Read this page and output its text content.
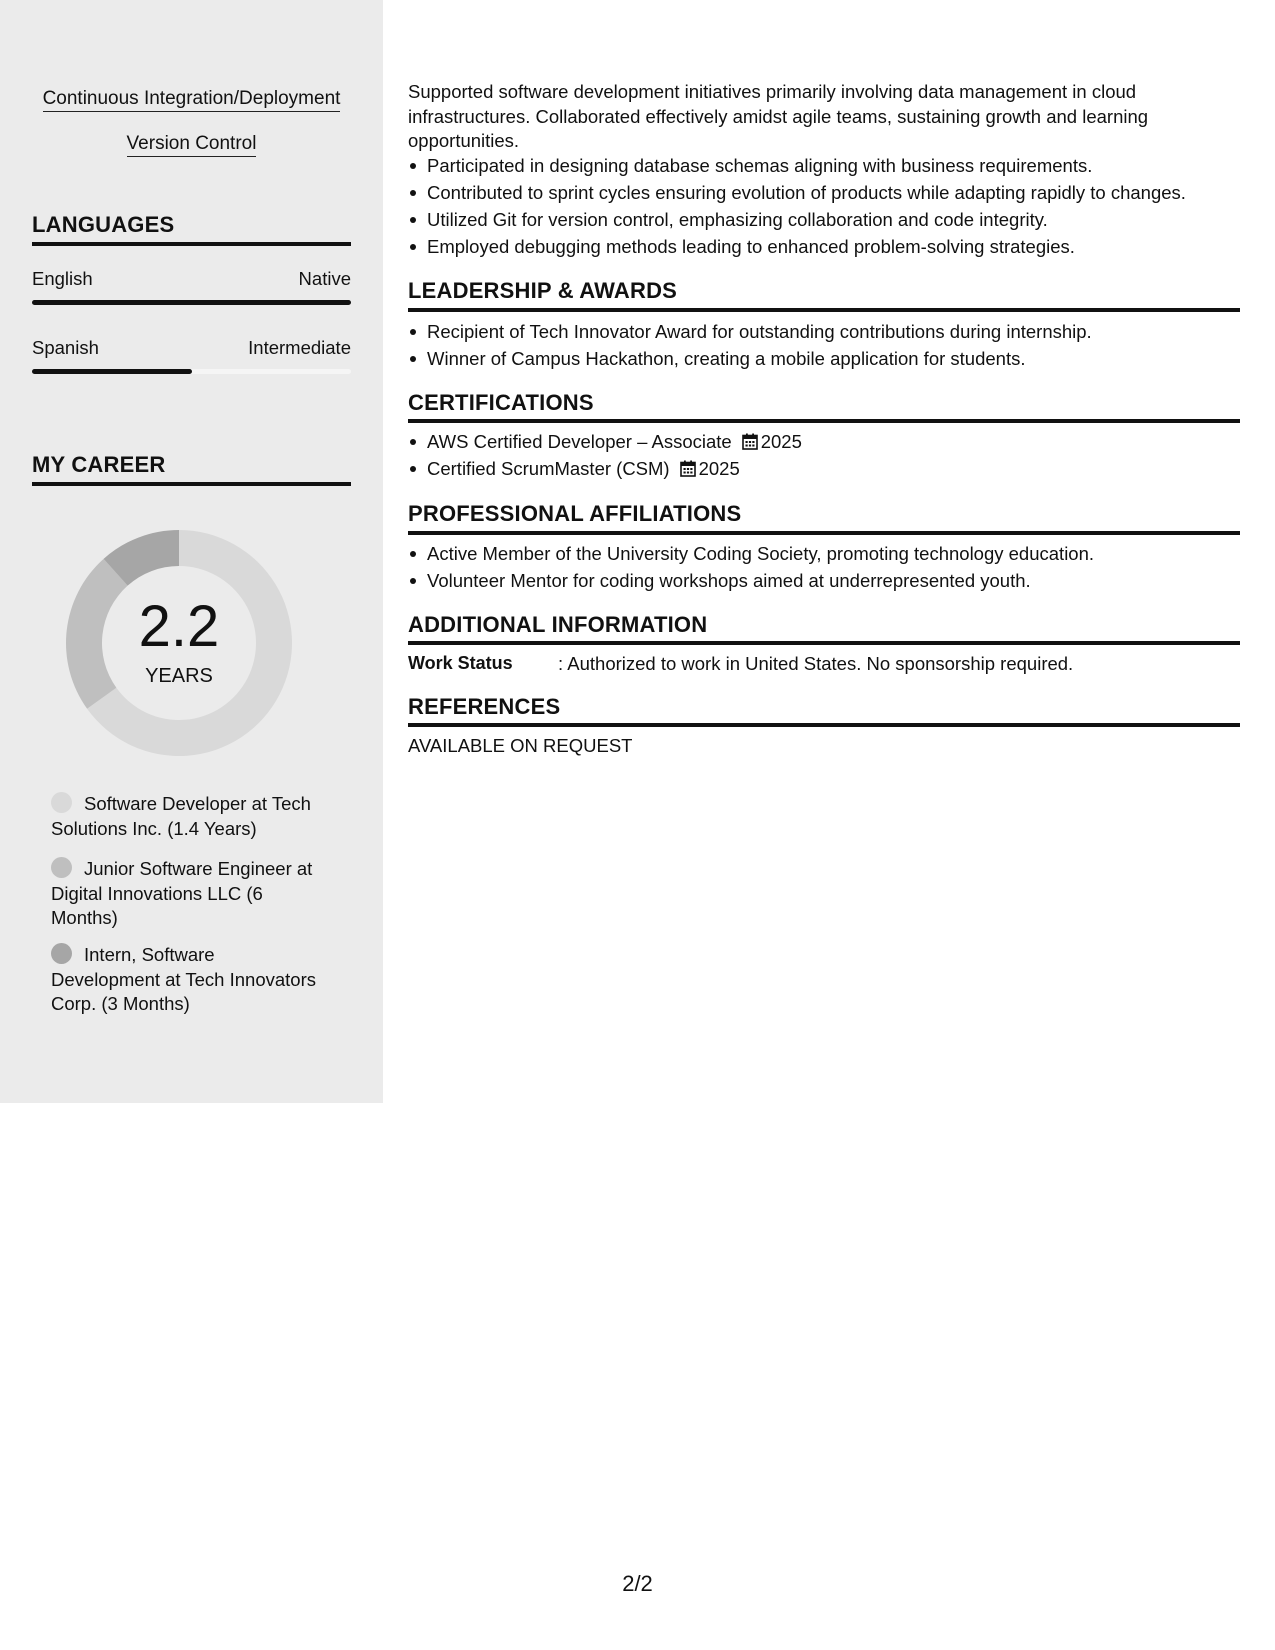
Continuous Integration/Deployment
Version Control
LANGUAGES
English	Native
Spanish	Intermediate
MY CAREER
2.2
YEARS
Software Developer at Tech Solutions Inc. (1.4 Years)
Junior Software Engineer at Digital Innovations LLC (6 Months)
Intern, Software Development at Tech Innovators Corp. (3 Months)
Supported software development initiatives primarily involving data management in cloud infrastructures. Collaborated effectively amidst agile teams, sustaining growth and learning opportunities.
Participated in designing database schemas aligning with business requirements.
Contributed to sprint cycles ensuring evolution of products while adapting rapidly to changes.
Utilized Git for version control, emphasizing collaboration and code integrity.
Employed debugging methods leading to enhanced problem-solving strategies.
LEADERSHIP & AWARDS
Recipient of Tech Innovator Award for outstanding contributions during internship.
Winner of Campus Hackathon, creating a mobile application for students.
CERTIFICATIONS
AWS Certified Developer – Associate 2025
Certified ScrumMaster (CSM) 2025
PROFESSIONAL AFFILIATIONS
Active Member of the University Coding Society, promoting technology education.
Volunteer Mentor for coding workshops aimed at underrepresented youth.
ADDITIONAL INFORMATION
Work Status : Authorized to work in United States. No sponsorship required.
REFERENCES
AVAILABLE ON REQUEST
2/2
